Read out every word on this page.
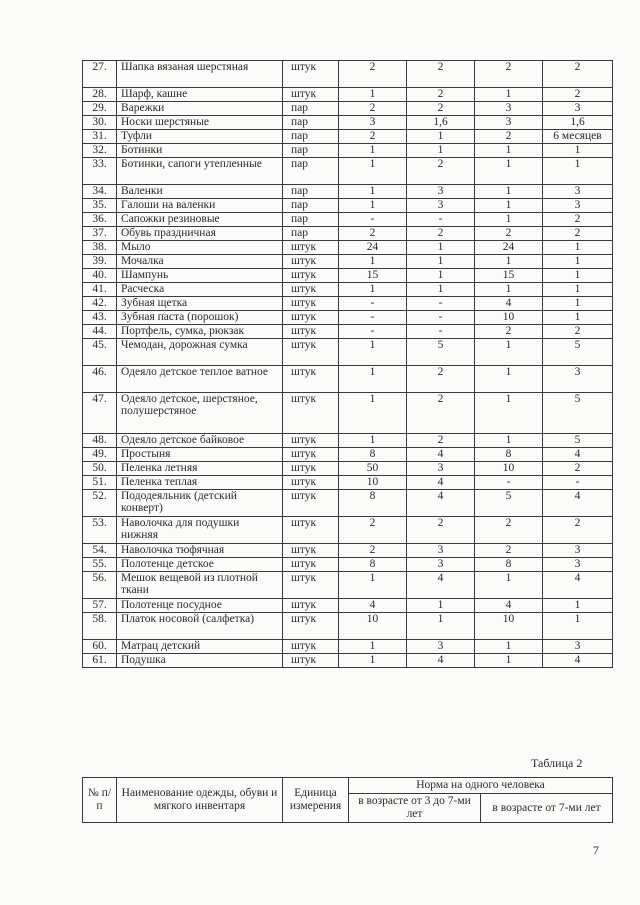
27.	Шапка вязаная шерстяная	штук	2	2	2	2
28.	Шарф, кашне	штук	1	2	1	2
29.	Варежки	пар	2	2	3	3
30.	Носки шерстяные	пар	3	1,6	3	1,6
31.	Туфли	пар	2	1	2	6 месяцев
32.	Ботинки	пар	1	1	1	1
33.	Ботинки, сапоги утепленные	пар	1	2	1	1
34.	Валенки	пар	1	3	1	3
35.	Галоши на валенки	пар	1	3	1	3
36.	Сапожки резиновые	пар	-	-	1	2
37.	Обувь праздничная	пар	2	2	2	2
38.	Мыло	штук	24	1	24	1
39.	Мочалка	штук	1	1	1	1
40.	Шампунь	штук	15	1	15	1
41.	Расческа	штук	1	1	1	1
42.	Зубная щетка	штук	-	-	4	1
43.	Зубная паста (порошок)	штук	-	-	10	1
44.	Портфель, сумка, рюкзак	штук	-	-	2	2
45.	Чемодан, дорожная сумка	штук	1	5	1	5
46.	Одеяло детское теплое ватное	штук	1	2	1	3
47.	Одеяло детское, шерстяное, полушерстяное	штук	1	2	1	5
48.	Одеяло детское байковое	штук	1	2	1	5
49.	Простыня	штук	8	4	8	4
50.	Пеленка летняя	штук	50	3	10	2
51.	Пеленка теплая	штук	10	4	-	-
52.	Пододеяльник (детский конверт)	штук	8	4	5	4
53.	Наволочка для подушки нижняя	штук	2	2	2	2
54.	Наволочка тюфячная	штук	2	3	2	3
55.	Полотенце детское	штук	8	3	8	3
56.	Мешок вещевой из плотной ткани	штук	1	4	1	4
57.	Полотенце посудное	штук	4	1	4	1
58.	Платок носовой (салфетка)	штук	10	1	10	1
60.	Матрац детский	штук	1	3	1	3
61.	Подушка	штук	1	4	1	4
Таблица 2
№ п/п	Наименование одежды, обуви и мягкого инвентаря	Единица измерения	Норма на одного человека	
			в возрасте от 3 до 7-ми лет	в возрасте от 7-ми лет
7
